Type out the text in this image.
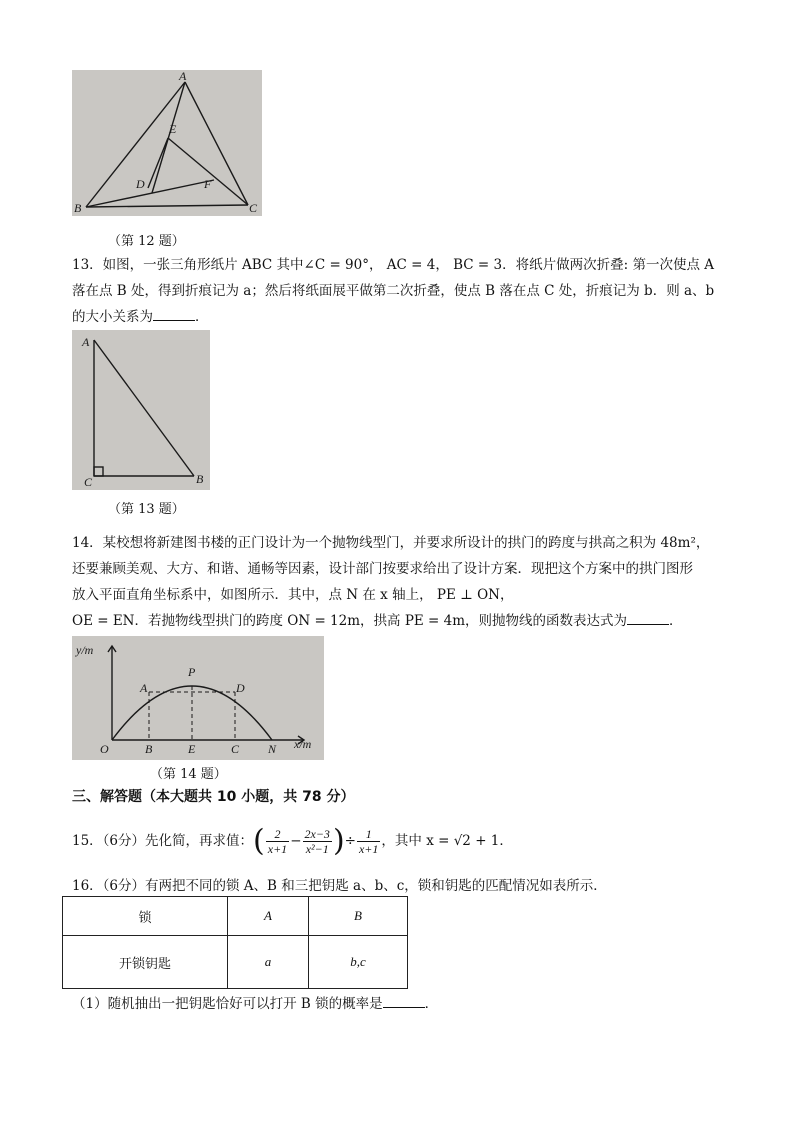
A
B	C
D
E
F
（第 12 题）
13．如图，一张三角形纸片 ABC 其中∠C = 90°， AC = 4， BC = 3．将纸片做两次折叠: 第一次使点 A
落在点 B 处，得到折痕记为 a；然后将纸面展平做第二次折叠，使点 B 落在点 C 处，折痕记为 b．则 a、b
的大小关系为	．
A
C	B
（第 13 题）
14．某校想将新建图书楼的正门设计为一个抛物线型门，并要求所设计的拱门的跨度与拱高之积为 48m²，
还要兼顾美观、大方、和谐、通畅等因素，设计部门按要求给出了设计方案．现把这个方案中的拱门图形
放入平面直角坐标系中，如图所示．其中，点 N 在 x 轴上， PE ⊥ ON，
OE = EN．若抛物线型拱门的跨度 ON = 12m，拱高 PE = 4m，则抛物线的函数表达式为	．
y/m
x/m
O	B	E	C N
A
P
D
（第 14 题）
三、解答题（本大题共 10 小题，共 78 分）
15．（6分）先化简，再求值：( $\frac{2}{x+1} - \frac{2x-3}{\text{x²−1}}$ )÷ $\frac{1}{x+1}$ ，其中 x = √2 + 1．
16．（6分）有两把不同的锁 A、B 和三把钥匙 a、b、c，锁和钥匙的匹配情况如表所示．
锁	A	B
开锁钥匙	a	b,c
（1）随机抽出一把钥匙恰好可以打开 B 锁的概率是	．
